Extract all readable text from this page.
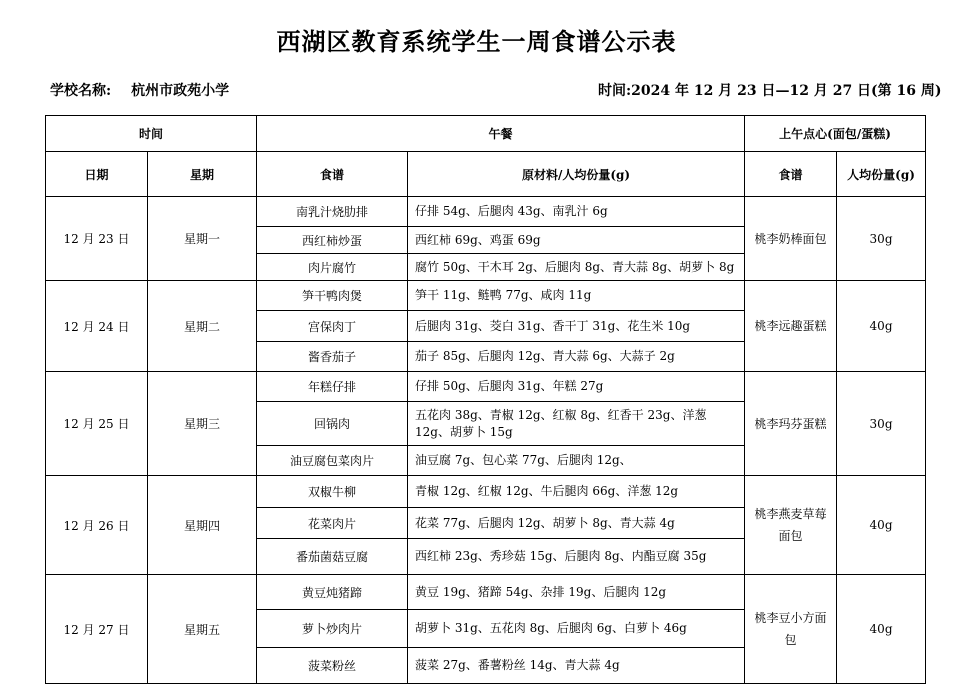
西湖区教育系统学生一周食谱公示表
学校名称: 杭州市政苑小学	时间:2024 年 12 月 23 日—12 月 27 日(第 16 周)
时间		午餐		上午点心(面包/蛋糕)	
日期	星期	食谱	原材料/人均份量(g)	食谱	人均份量(g)
12 月 23 日	星期一	南乳汁烧肋排	仔排 54g、后腿肉 43g、南乳汁 6g	桃李奶棒面包	30g
		西红柿炒蛋	西红柿 69g、鸡蛋 69g		
		肉片腐竹	腐竹 50g、干木耳 2g、后腿肉 8g、青大蒜 8g、胡萝卜 8g		
12 月 24 日	星期二	笋干鸭肉煲	笋干 11g、鲢鸭 77g、咸肉 11g	桃李远趣蛋糕	40g
		宫保肉丁	后腿肉 31g、茭白 31g、香干丁 31g、花生米 10g		
		酱香茄子	茄子 85g、后腿肉 12g、青大蒜 6g、大蒜子 2g		
12 月 25 日	星期三	年糕仔排	仔排 50g、后腿肉 31g、年糕 27g	桃李玛芬蛋糕	30g
		回锅肉	五花肉 38g、青椒 12g、红椒 8g、红香干 23g、洋葱 12g、胡萝卜 15g		
		油豆腐包菜肉片	油豆腐 7g、包心菜 77g、后腿肉 12g、		
12 月 26 日	星期四	双椒牛柳	青椒 12g、红椒 12g、牛后腿肉 66g、洋葱 12g	桃李燕麦草莓面包	40g
		花菜肉片	花菜 77g、后腿肉 12g、胡萝卜 8g、青大蒜 4g		
		番茄菌菇豆腐	西红柿 23g、秀珍菇 15g、后腿肉 8g、内酯豆腐 35g		
12 月 27 日	星期五	黄豆炖猪蹄	黄豆 19g、猪蹄 54g、杂排 19g、后腿肉 12g	桃李豆小方面包	40g
		萝卜炒肉片	胡萝卜 31g、五花肉 8g、后腿肉 6g、白萝卜 46g		
		菠菜粉丝	菠菜 27g、番薯粉丝 14g、青大蒜 4g		
